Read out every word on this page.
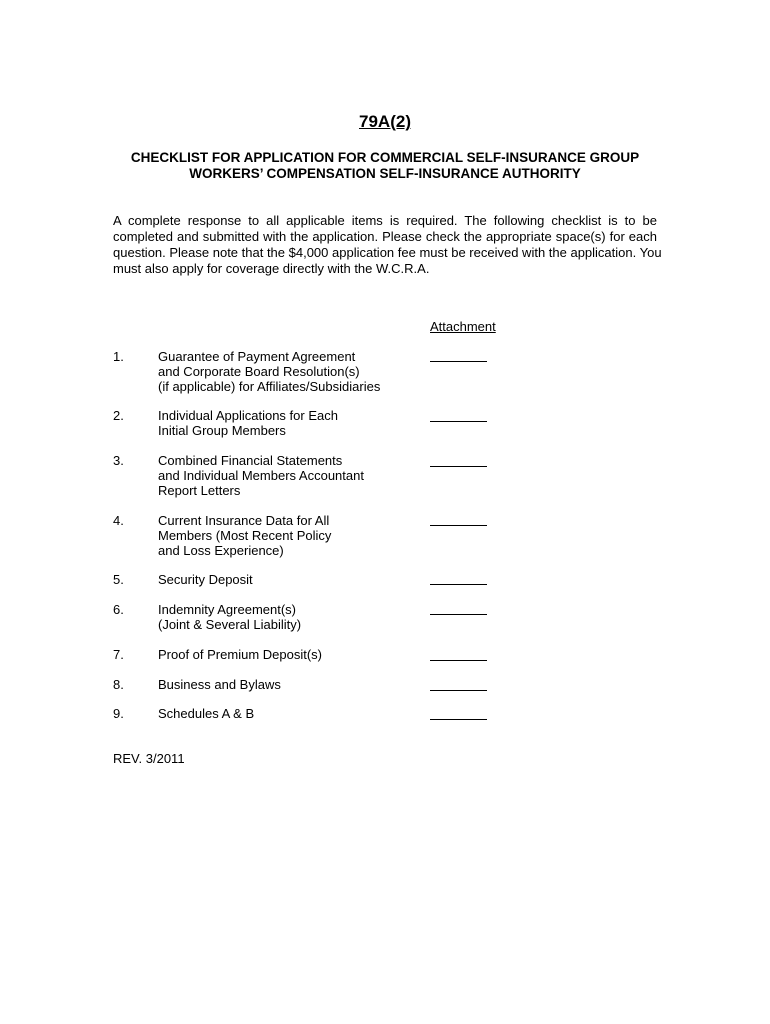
79A(2)
CHECKLIST FOR APPLICATION FOR COMMERCIAL SELF-INSURANCE GROUP
WORKERS’ COMPENSATION SELF-INSURANCE AUTHORITY
A complete response to all applicable items is required. The following checklist is to be
completed and submitted with the application. Please check the appropriate space(s) for each
question. Please note that the $4,000 application fee must be received with the application. You
must also apply for coverage directly with the W.C.R.A.
Attachment
1.	Guarantee of Payment Agreement
and Corporate Board Resolution(s)
(if applicable) for Affiliates/Subsidiaries
2.	Individual Applications for Each
Initial Group Members
3.	Combined Financial Statements
and Individual Members Accountant
Report Letters
4.	Current Insurance Data for All
Members (Most Recent Policy
and Loss Experience)
5.	Security Deposit
6.	Indemnity Agreement(s)
(Joint & Several Liability)
7.	Proof of Premium Deposit(s)
8.	Business and Bylaws
9.	Schedules A & B
REV. 3/2011
